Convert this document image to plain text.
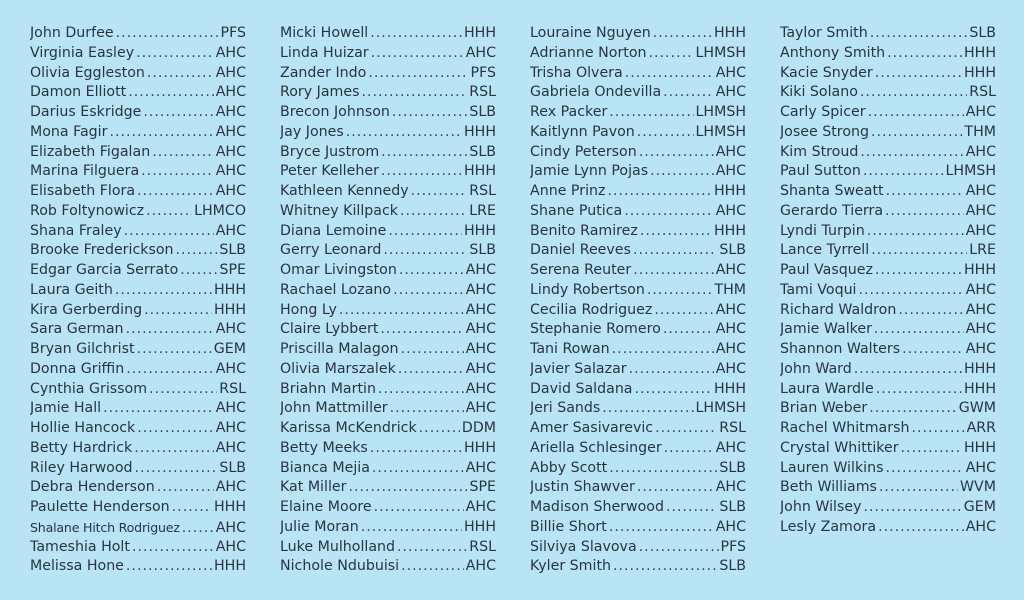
John Durfee .....	PFS
Virginia Easley .....	AHC
Olivia Eggleston .....	AHC
Damon Elliott .....	AHC
Darius Eskridge .....	AHC
Mona Fagir .....	AHC
Elizabeth Figalan .....	AHC
Marina Filguera .....	AHC
Elisabeth Flora .....	AHC
Rob Foltynowicz .....	LHMCO
Shana Fraley .....	AHC
Brooke Frederickson .....	SLB
Edgar Garcia Serrato .....	SPE
Laura Geith .....	HHH
Kira Gerberding .....	HHH
Sara German .....	AHC
Bryan Gilchrist .....	GEM
Donna Griffin .....	AHC
Cynthia Grissom .....	RSL
Jamie Hall .....	AHC
Hollie Hancock .....	AHC
Betty Hardrick .....	AHC
Riley Harwood .....	SLB
Debra Henderson .....	AHC
Paulette Henderson .....	HHH
Shalane Hitch Rodriguez .....	AHC
Tameshia Holt .....	AHC
Melissa Hone .....	HHH
Micki Howell .....	HHH
Linda Huizar .....	AHC
Zander Indo .....	PFS
Rory James .....	RSL
Brecon Johnson .....	SLB
Jay Jones .....	HHH
Bryce Justrom .....	SLB
Peter Kelleher .....	HHH
Kathleen Kennedy .....	RSL
Whitney Killpack .....	LRE
Diana Lemoine .....	HHH
Gerry Leonard .....	SLB
Omar Livingston .....	AHC
Rachael Lozano .....	AHC
Hong Ly .....	AHC
Claire Lybbert .....	AHC
Priscilla Malagon .....	AHC
Olivia Marszalek .....	AHC
Briahn Martin .....	AHC
John Mattmiller .....	AHC
Karissa McKendrick .....	DDM
Betty Meeks .....	HHH
Bianca Mejia .....	AHC
Kat Miller .....	SPE
Elaine Moore .....	AHC
Julie Moran .....	HHH
Luke Mulholland .....	RSL
Nichole Ndubuisi .....	AHC
Louraine Nguyen .....	HHH
Adrianne Norton .....	LHMSH
Trisha Olvera .....	AHC
Gabriela Ondevilla .....	AHC
Rex Packer .....	LHMSH
Kaitlynn Pavon .....	LHMSH
Cindy Peterson .....	AHC
Jamie Lynn Pojas .....	AHC
Anne Prinz .....	HHH
Shane Putica .....	AHC
Benito Ramirez .....	HHH
Daniel Reeves .....	SLB
Serena Reuter .....	AHC
Lindy Robertson .....	THM
Cecilia Rodriguez .....	AHC
Stephanie Romero .....	AHC
Tani Rowan .....	AHC
Javier Salazar .....	AHC
David Saldana .....	HHH
Jeri Sands .....	LHMSH
Amer Sasivarevic .....	RSL
Ariella Schlesinger .....	AHC
Abby Scott .....	SLB
Justin Shawver .....	AHC
Madison Sherwood .....	SLB
Billie Short .....	AHC
Silviya Slavova .....	PFS
Kyler Smith .....	SLB
Taylor Smith .....	SLB
Anthony Smith .....	HHH
Kacie Snyder .....	HHH
Kiki Solano .....	RSL
Carly Spicer .....	AHC
Josee Strong .....	THM
Kim Stroud .....	AHC
Paul Sutton .....	LHMSH
Shanta Sweatt .....	AHC
Gerardo Tierra .....	AHC
Lyndi Turpin .....	AHC
Lance Tyrrell .....	LRE
Paul Vasquez .....	HHH
Tami Voqui .....	AHC
Richard Waldron .....	AHC
Jamie Walker .....	AHC
Shannon Walters .....	AHC
John Ward .....	HHH
Laura Wardle .....	HHH
Brian Weber .....	GWM
Rachel Whitmarsh .....	ARR
Crystal Whittiker .....	HHH
Lauren Wilkins .....	AHC
Beth Williams .....	WVM
John Wilsey .....	GEM
Lesly Zamora .....	AHC
